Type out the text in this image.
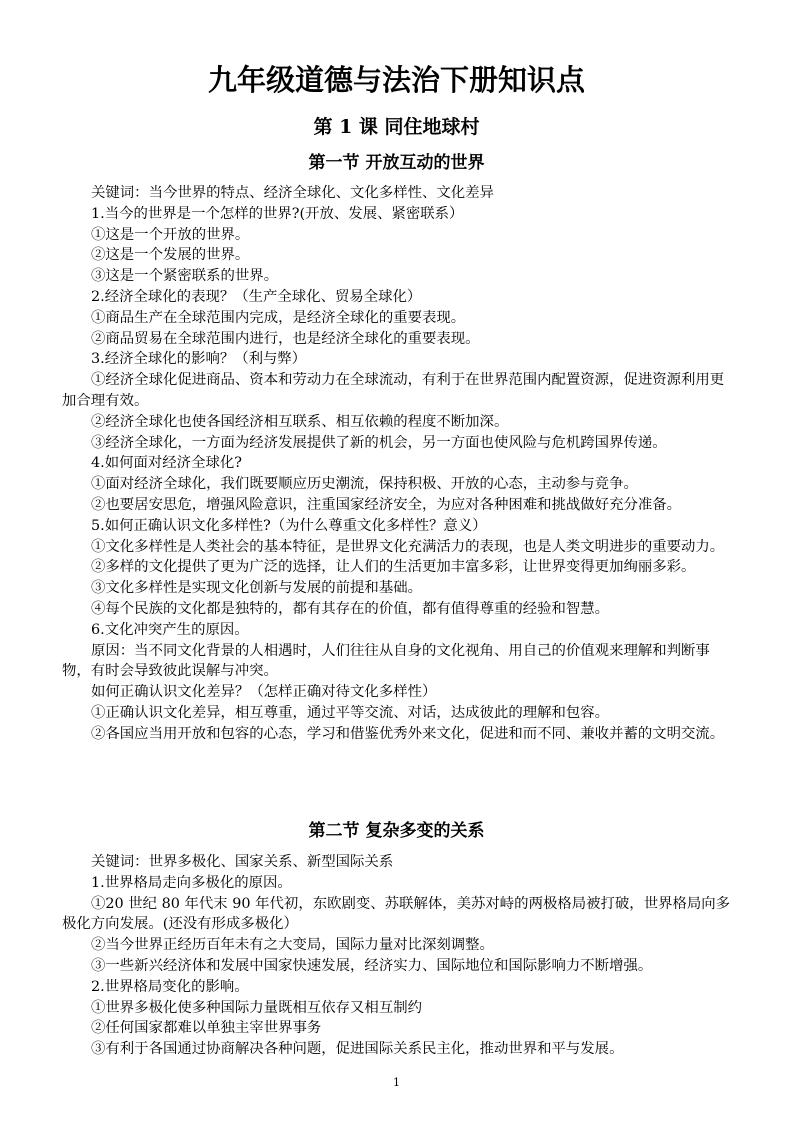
九年级道德与法治下册知识点
第 1 课 同住地球村
第一节 开放互动的世界

关键词：当今世界的特点、经济全球化、文化多样性、文化差异

1.当今的世界是一个怎样的世界?(开放、发展、紧密联系）

①这是一个开放的世界。

②这是一个发展的世界。

③这是一个紧密联系的世界。

2.经济全球化的表现？（生产全球化、贸易全球化）

①商品生产在全球范围内完成，是经济全球化的重要表现。

②商品贸易在全球范围内进行，也是经济全球化的重要表现。

3.经济全球化的影响？（利与弊）

①经济全球化促进商品、资本和劳动力在全球流动，有利于在世界范围内配置资源，促进资源利用更加合理有效。

②经济全球化也使各国经济相互联系、相互依赖的程度不断加深。

③经济全球化，一方面为经济发展提供了新的机会，另一方面也使风险与危机跨国界传递。

4.如何面对经济全球化?

①面对经济全球化，我们既要顺应历史潮流，保持积极、开放的心态，主动参与竞争。

②也要居安思危，增强风险意识，注重国家经济安全，为应对各种困难和挑战做好充分准备。

5.如何正确认识文化多样性?（为什么尊重文化多样性？意义）

①文化多样性是人类社会的基本特征，是世界文化充满活力的表现，也是人类文明进步的重要动力。

②多样的文化提供了更为广泛的选择，让人们的生活更加丰富多彩，让世界变得更加绚丽多彩。

③文化多样性是实现文化创新与发展的前提和基础。

④每个民族的文化都是独特的，都有其存在的价值，都有值得尊重的经验和智慧。

6.文化冲突产生的原因。

原因：当不同文化背景的人相遇时，人们往往从自身的文化视角、用自己的价值观来理解和判断事物，有时会导致彼此误解与冲突。

如何正确认识文化差异？（怎样正确对待文化多样性）

①正确认识文化差异，相互尊重，通过平等交流、对话，达成彼此的理解和包容。

②各国应当用开放和包容的心态，学习和借鉴优秀外来文化，促进和而不同、兼收并蓄的文明交流。

第二节 复杂多变的关系

关键词：世界多极化、国家关系、新型国际关系

1.世界格局走向多极化的原因。

①20 世纪 80 年代末 90 年代初，东欧剧变、苏联解体，美苏对峙的两极格局被打破，世界格局向多极化方向发展。(还没有形成多极化）

②当今世界正经历百年未有之大变局，国际力量对比深刻调整。

③一些新兴经济体和发展中国家快速发展，经济实力、国际地位和国际影响力不断增强。

2.世界格局变化的影响。

①世界多极化使多种国际力量既相互依存又相互制约

②任何国家都难以单独主宰世界事务

③有利于各国通过协商解决各种问题，促进国际关系民主化，推动世界和平与发展。

1
